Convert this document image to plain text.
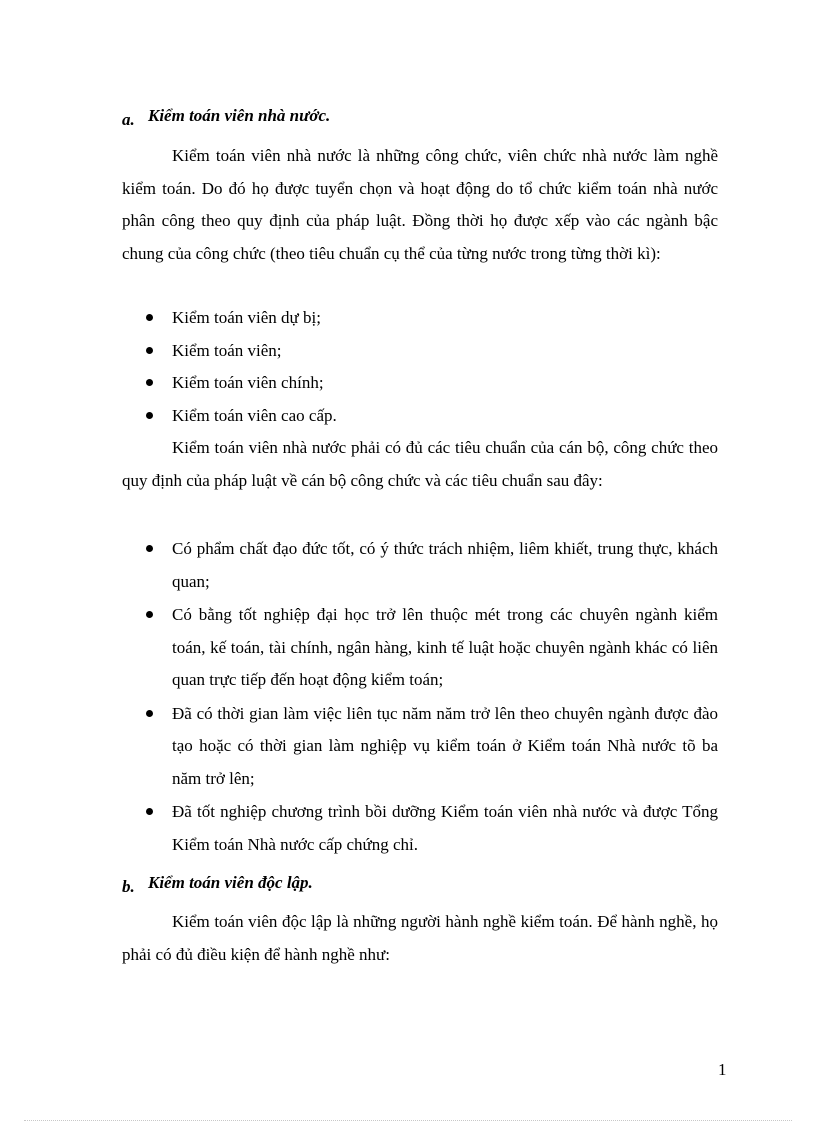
a. Kiểm toán viên nhà nước.

Kiểm toán viên nhà nước là những công chức, viên chức nhà nước làm nghề kiểm toán. Do đó họ được tuyển chọn và hoạt động do tổ chức kiểm toán nhà nước phân công theo quy định của pháp luật. Đồng thời họ được xếp vào các ngành bậc chung của công chức (theo tiêu chuẩn cụ thể của từng nước trong từng thời kì):

Kiểm toán viên dự bị;
Kiểm toán viên;
Kiểm toán viên chính;
Kiểm toán viên cao cấp.

Kiểm toán viên nhà nước phải có đủ các tiêu chuẩn của cán bộ, công chức theo quy định của pháp luật về cán bộ công chức và các tiêu chuẩn sau đây:

Có phẩm chất đạo đức tốt, có ý thức trách nhiệm, liêm khiết, trung thực, khách quan;
Có bằng tốt nghiệp đại học trở lên thuộc mét trong các chuyên ngành kiểm toán, kế toán, tài chính, ngân hàng, kinh tế luật hoặc chuyên ngành khác có liên quan trực tiếp đến hoạt động kiểm toán;
Đã có thời gian làm việc liên tục năm năm trở lên theo chuyên ngành được đào tạo hoặc có thời gian làm nghiệp vụ kiểm toán ở Kiểm toán Nhà nước tõ ba năm trở lên;
Đã tốt nghiệp chương trình bồi dưỡng Kiểm toán viên nhà nước và được Tổng Kiểm toán Nhà nước cấp chứng chỉ.
b. Kiểm toán viên độc lập.

Kiểm toán viên độc lập là những người hành nghề kiểm toán. Để hành nghề, họ phải có đủ điều kiện để hành nghề như:

1
